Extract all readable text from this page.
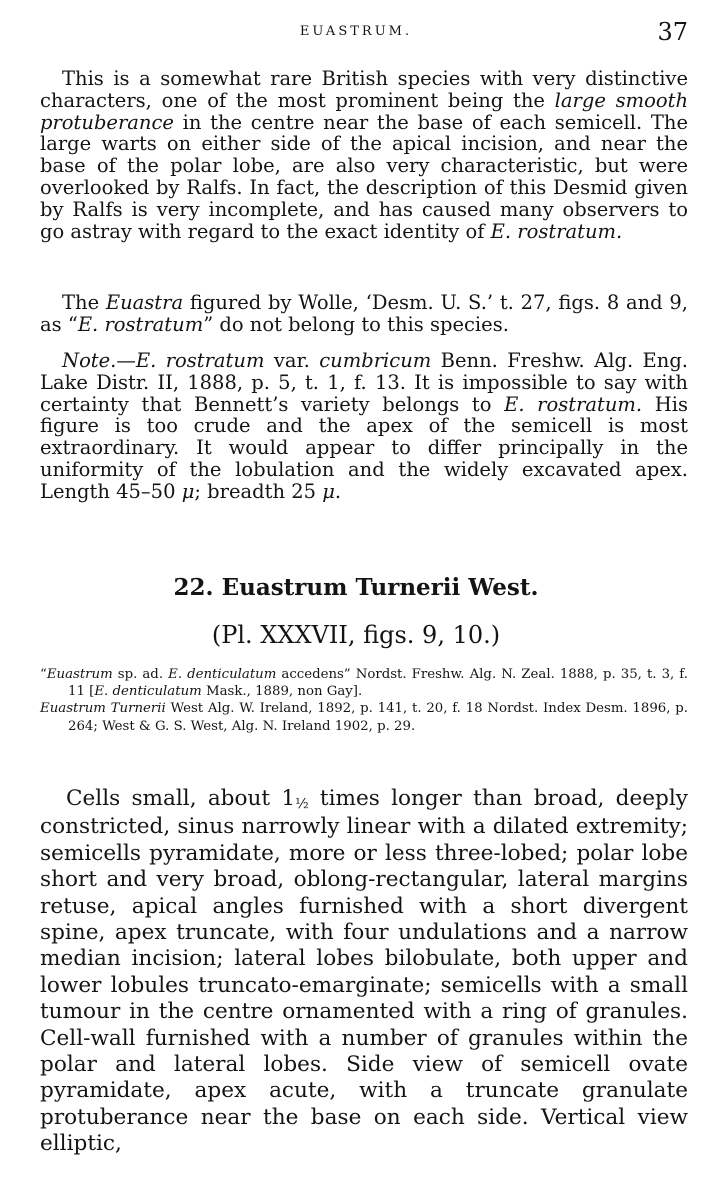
EUASTRUM.	37

This is a somewhat rare British species with very distinctive characters, one of the most prominent being the large smooth protuberance in the centre near the base of each semicell. The large warts on either side of the apical incision, and near the base of the polar lobe, are also very characteristic, but were overlooked by Ralfs. In fact, the description of this Desmid given by Ralfs is very incomplete, and has caused many observers to go astray with regard to the exact identity of E. rostratum.

The Euastra figured by Wolle, ‘Desm. U. S.’ t. 27, figs. 8 and 9, as “E. rostratum” do not belong to this species.

Note.—E. rostratum var. cumbricum Benn. Freshw. Alg. Eng. Lake Distr. II, 1888, p. 5, t. 1, f. 13. It is impossible to say with certainty that Bennett’s variety belongs to E. rostratum. His figure is too crude and the apex of the semicell is most extraordinary. It would appear to differ principally in the uniformity of the lobulation and the widely excavated apex. Length 45–50 μ; breadth 25 μ.

22. Euastrum Turnerii West.
(Pl. XXXVII, figs. 9, 10.)

“Euastrum sp. ad. E. denticulatum accedens” Nordst. Freshw. Alg. N. Zeal. 1888, p. 35, t. 3, f. 11 [E. denticulatum Mask., 1889, non Gay].

Euastrum Turnerii West Alg. W. Ireland, 1892, p. 141, t. 20, f. 18 Nordst. Index Desm. 1896, p. 264; West & G. S. West, Alg. N. Ireland 1902, p. 29.

Cells small, about 1½ times longer than broad, deeply constricted, sinus narrowly linear with a dilated extremity; semicells pyramidate, more or less three-lobed; polar lobe short and very broad, oblong-rectangular, lateral margins retuse, apical angles furnished with a short divergent spine, apex truncate, with four undulations and a narrow median incision; lateral lobes bilobulate, both upper and lower lobules truncato-emarginate; semicells with a small tumour in the centre ornamented with a ring of granules. Cell-wall furnished with a number of granules within the polar and lateral lobes. Side view of semicell ovate pyramidate, apex acute, with a truncate granulate protuberance near the base on each side. Vertical view elliptic,
